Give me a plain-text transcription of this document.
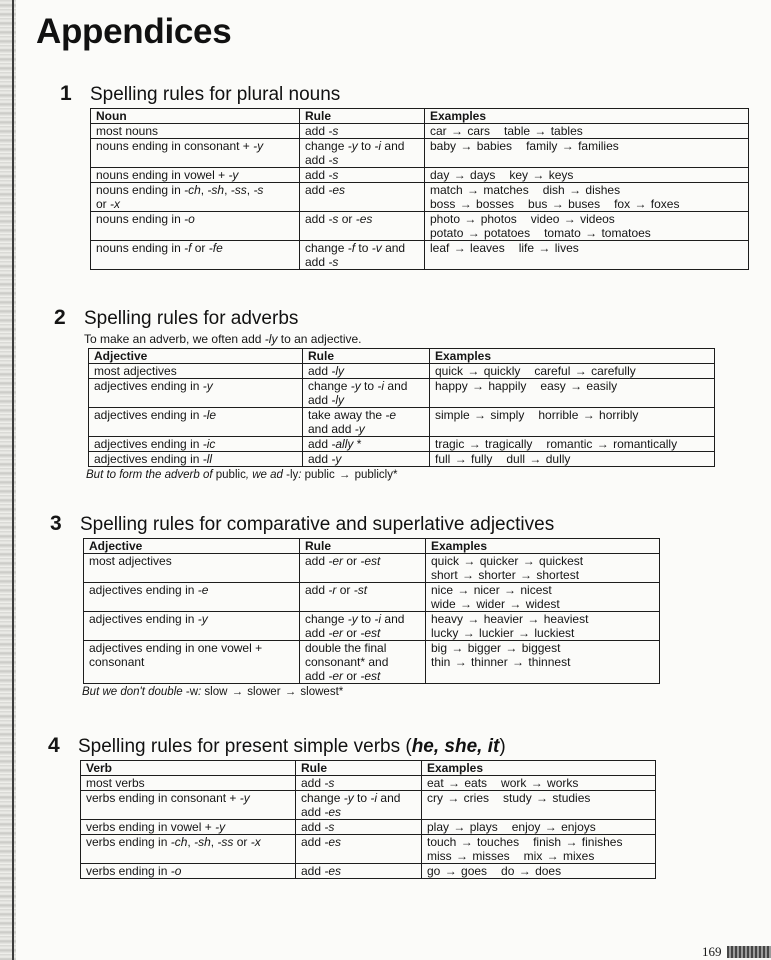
Appendices
1 Spelling rules for plural nouns
Noun	Rule	Examples
most nouns	add -s	car → cars table → tables
nouns ending in consonant + -y	change -y to -i and
add -s	baby → babies family → families
nouns ending in vowel + -y	add -s	day → days key → keys
nouns ending in -ch, -sh, -ss, -s
or -x	add -es	match → matches dish → dishes
boss → bosses bus → buses fox → foxes
nouns ending in -o	add -s or -es	photo → photos video → videos
potato → potatoes tomato → tomatoes
nouns ending in -f or -fe	change -f to -v and
add -s	leaf → leaves life → lives
2 Spelling rules for adverbs
To make an adverb, we often add -ly to an adjective.
Adjective	Rule	Examples
most adjectives	add -ly	quick → quickly careful → carefully
adjectives ending in -y	change -y to -i and
add -ly	happy → happily easy → easily
adjectives ending in -le	take away the -e
and add -y	simple → simply horrible → horribly
adjectives ending in -ic	add -ally *	tragic → tragically romantic → romantically
adjectives ending in -ll	add -y	full → fully dull → dully
But to form the adverb of public, we ad -ly: public → publicly*
3 Spelling rules for comparative and superlative adjectives
Adjective	Rule	Examples
most adjectives	add -er or -est	quick → quicker → quickest
short → shorter → shortest
adjectives ending in -e	add -r or -st	nice → nicer → nicest
wide → wider → widest
adjectives ending in -y	change -y to -i and
add -er or -est	heavy → heavier → heaviest
lucky → luckier → luckiest
adjectives ending in one vowel +
consonant	double the final
consonant* and
add -er or -est	big → bigger → biggest
thin → thinner → thinnest
But we don't double -w: slow → slower → slowest*
4 Spelling rules for present simple verbs (he, she, it)
Verb	Rule	Examples
most verbs	add -s	eat → eats work → works
verbs ending in consonant + -y	change -y to -i and
add -es	cry → cries study → studies
verbs ending in vowel + -y	add -s	play → plays enjoy → enjoys
verbs ending in -ch, -sh, -ss or -x	add -es	touch → touches finish → finishes
miss → misses mix → mixes
verbs ending in -o	add -es	go → goes do → does
169
